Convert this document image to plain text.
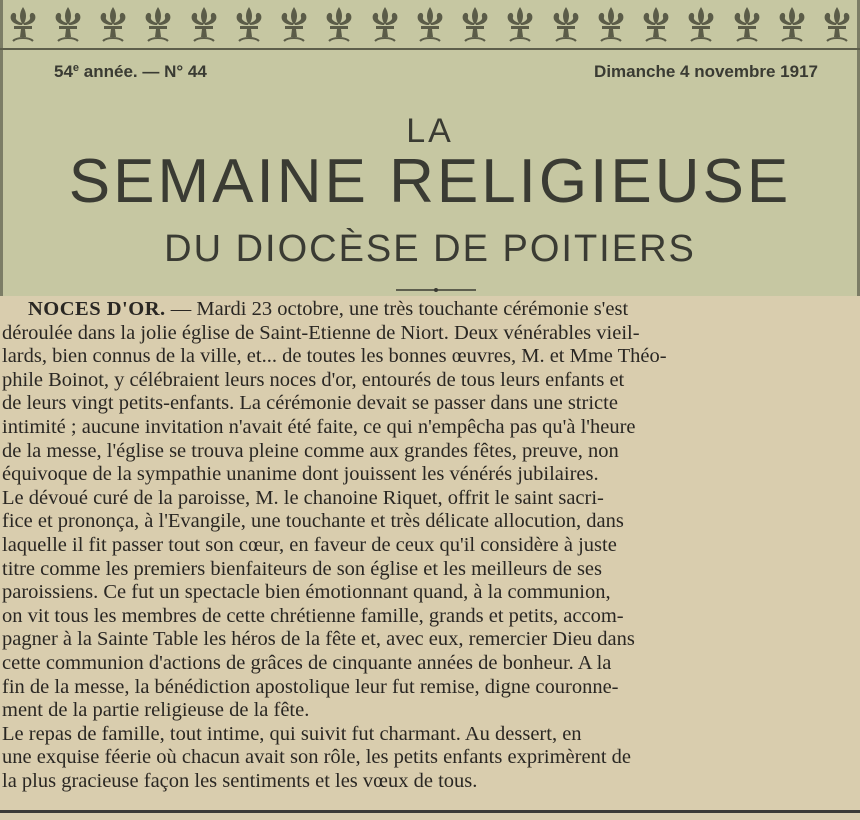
54e année. — N° 44	Dimanche 4 novembre 1917
LA
SEMAINE RELIGIEUSE
DU DIOCÈSE DE POITIERS
NOCES D'OR. — Mardi 23 octobre, une très touchante cérémonie s'est
déroulée dans la jolie église de Saint-Etienne de Niort. Deux vénérables vieil-
lards, bien connus de la ville, et... de toutes les bonnes œuvres, M. et Mme Théo-
phile Boinot, y célébraient leurs noces d'or, entourés de tous leurs enfants et
de leurs vingt petits-enfants. La cérémonie devait se passer dans une stricte
intimité ; aucune invitation n'avait été faite, ce qui n'empêcha pas qu'à l'heure
de la messe, l'église se trouva pleine comme aux grandes fêtes, preuve, non
équivoque de la sympathie unanime dont jouissent les vénérés jubilaires.
Le dévoué curé de la paroisse, M. le chanoine Riquet, offrit le saint sacri-
fice et prononça, à l'Evangile, une touchante et très délicate allocution, dans
laquelle il fit passer tout son cœur, en faveur de ceux qu'il considère à juste
titre comme les premiers bienfaiteurs de son église et les meilleurs de ses
paroissiens. Ce fut un spectacle bien émotionnant quand, à la communion,
on vit tous les membres de cette chrétienne famille, grands et petits, accom-
pagner à la Sainte Table les héros de la fête et, avec eux, remercier Dieu dans
cette communion d'actions de grâces de cinquante années de bonheur. A la
fin de la messe, la bénédiction apostolique leur fut remise, digne couronne-
ment de la partie religieuse de la fête.
Le repas de famille, tout intime, qui suivit fut charmant. Au dessert, en
une exquise féerie où chacun avait son rôle, les petits enfants exprimèrent de
la plus gracieuse façon les sentiments et les vœux de tous.
